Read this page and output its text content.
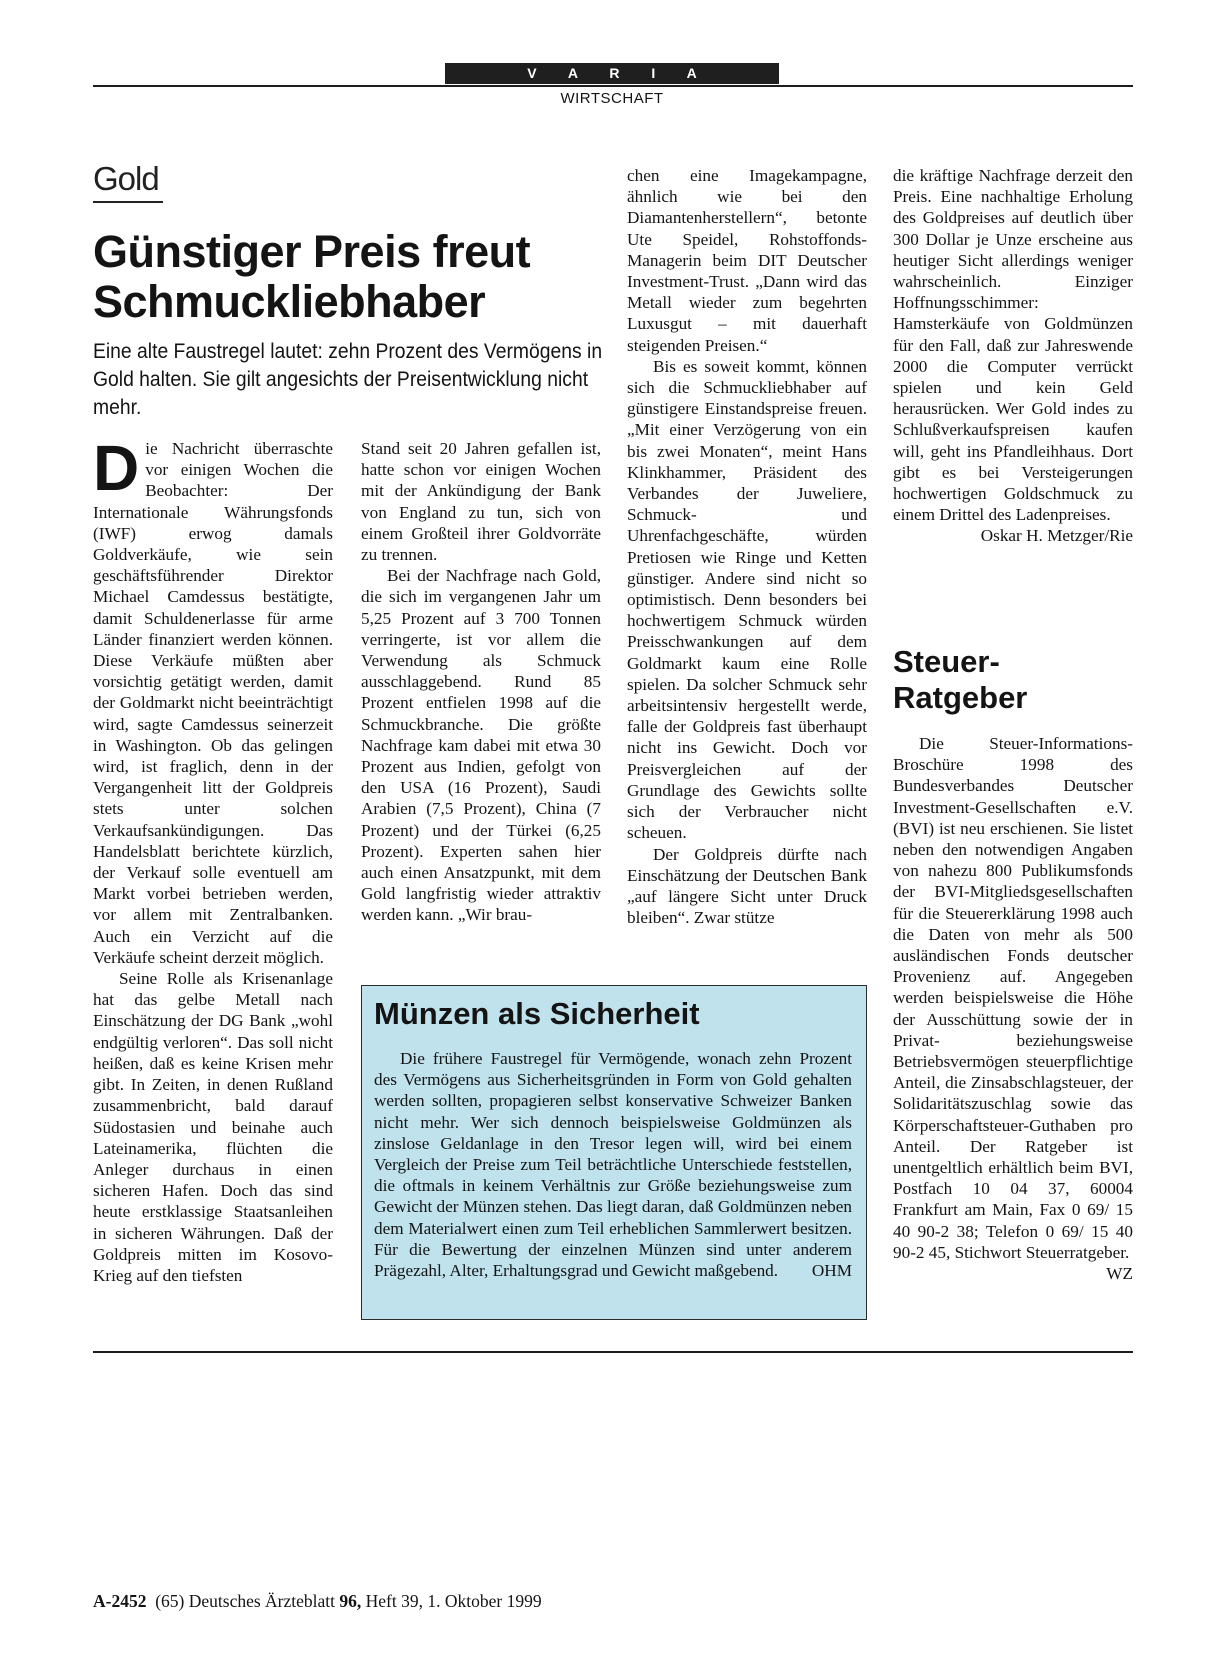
V A R I A
WIRTSCHAFT
Gold
Günstiger Preis freut Schmuckliebhaber

Eine alte Faustregel lautet: zehn Prozent des Vermögens in Gold halten. Sie gilt angesichts der Preisentwicklung nicht mehr.

Die Nachricht überraschte vor einigen Wochen die Beobachter: Der Internationale Währungsfonds (IWF) erwog damals Goldverkäufe, wie sein geschäftsführender Direktor Michael Camdessus bestätigte, damit Schuldenerlasse für arme Länder finanziert werden können. Diese Verkäufe müßten aber vorsichtig getätigt werden, damit der Goldmarkt nicht beeinträchtigt wird, sagte Camdessus seinerzeit in Washington. Ob das gelingen wird, ist fraglich, denn in der Vergangenheit litt der Goldpreis stets unter solchen Verkaufsankündigungen. Das Handelsblatt berichtete kürzlich, der Verkauf solle eventuell am Markt vorbei betrieben werden, vor allem mit Zentralbanken. Auch ein Verzicht auf die Verkäufe scheint derzeit möglich.

Seine Rolle als Krisenanlage hat das gelbe Metall nach Einschätzung der DG Bank „wohl endgültig verloren“. Das soll nicht heißen, daß es keine Krisen mehr gibt. In Zeiten, in denen Rußland zusammenbricht, bald darauf Südostasien und beinahe auch Lateinamerika, flüchten die Anleger durchaus in einen sicheren Hafen. Doch das sind heute erstklassige Staatsanleihen in sicheren Währungen. Daß der Goldpreis mitten im Kosovo-Krieg auf den tiefsten

Stand seit 20 Jahren gefallen ist, hatte schon vor einigen Wochen mit der Ankündigung der Bank von England zu tun, sich von einem Großteil ihrer Goldvorräte zu trennen.

Bei der Nachfrage nach Gold, die sich im vergangenen Jahr um 5,25 Prozent auf 3 700 Tonnen verringerte, ist vor allem die Verwendung als Schmuck ausschlaggebend. Rund 85 Prozent entfielen 1998 auf die Schmuckbranche. Die größte Nachfrage kam dabei mit etwa 30 Prozent aus Indien, gefolgt von den USA (16 Prozent), Saudi Arabien (7,5 Prozent), China (7 Prozent) und der Türkei (6,25 Prozent). Experten sahen hier auch einen Ansatzpunkt, mit dem Gold langfristig wieder attraktiv werden kann. „Wir brau-

chen eine Imagekampagne, ähnlich wie bei den Diamantenherstellern“, betonte Ute Speidel, Rohstoffonds-Managerin beim DIT Deutscher Investment-Trust. „Dann wird das Metall wieder zum begehrten Luxusgut – mit dauerhaft steigenden Preisen.“

Bis es soweit kommt, können sich die Schmuckliebhaber auf günstigere Einstandspreise freuen. „Mit einer Verzögerung von ein bis zwei Monaten“, meint Hans Klinkhammer, Präsident des Verbandes der Juweliere, Schmuck- und Uhrenfachgeschäfte, würden Pretiosen wie Ringe und Ketten günstiger. Andere sind nicht so optimistisch. Denn besonders bei hochwertigem Schmuck würden Preisschwankungen auf dem Goldmarkt kaum eine Rolle spielen. Da solcher Schmuck sehr arbeitsintensiv hergestellt werde, falle der Goldpreis fast überhaupt nicht ins Gewicht. Doch vor Preisvergleichen auf der Grundlage des Gewichts sollte sich der Verbraucher nicht scheuen.

Der Goldpreis dürfte nach Einschätzung der Deutschen Bank „auf längere Sicht unter Druck bleiben“. Zwar stütze

die kräftige Nachfrage derzeit den Preis. Eine nachhaltige Erholung des Goldpreises auf deutlich über 300 Dollar je Unze erscheine aus heutiger Sicht allerdings weniger wahrscheinlich. Einziger Hoffnungsschimmer: Hamsterkäufe von Goldmünzen für den Fall, daß zur Jahreswende 2000 die Computer verrückt spielen und kein Geld herausrücken. Wer Gold indes zu Schlußverkaufspreisen kaufen will, geht ins Pfandleihhaus. Dort gibt es bei Versteigerungen hochwertigen Goldschmuck zu einem Drittel des Ladenpreises.
Oskar H. Metzger/Rie

Steuer-Ratgeber

Die Steuer-Informations-Broschüre 1998 des Bundesverbandes Deutscher Investment-Gesellschaften e.V. (BVI) ist neu erschienen. Sie listet neben den notwendigen Angaben von nahezu 800 Publikumsfonds der BVI-Mitgliedsgesellschaften für die Steuererklärung 1998 auch die Daten von mehr als 500 ausländischen Fonds deutscher Provenienz auf. Angegeben werden beispielsweise die Höhe der Ausschüttung sowie der in Privat- beziehungsweise Betriebsvermögen steuerpflichtige Anteil, die Zinsabschlagsteuer, der Solidaritätszuschlag sowie das Körperschaftsteuer-Guthaben pro Anteil. Der Ratgeber ist unentgeltlich erhältlich beim BVI, Postfach 10 04 37, 60004 Frankfurt am Main, Fax 0 69/ 15 40 90-2 38; Telefon 0 69/ 15 40 90-2 45, Stichwort Steuerratgeber.
WZ

Münzen als Sicherheit

Die frühere Faustregel für Vermögende, wonach zehn Prozent des Vermögens aus Sicherheitsgründen in Form von Gold gehalten werden sollten, propagieren selbst konservative Schweizer Banken nicht mehr. Wer sich dennoch beispielsweise Goldmünzen als zinslose Geldanlage in den Tresor legen will, wird bei einem Vergleich der Preise zum Teil beträchtliche Unterschiede feststellen, die oftmals in keinem Verhältnis zur Größe beziehungsweise zum Gewicht der Münzen stehen. Das liegt daran, daß Goldmünzen neben dem Materialwert einen zum Teil erheblichen Sammlerwert besitzen. Für die Bewertung der einzelnen Münzen sind unter anderem Prägezahl, Alter, Erhaltungsgrad und Gewicht maßgebend.	OHM

A-2452 (65) Deutsches Ärzteblatt 96, Heft 39, 1. Oktober 1999
